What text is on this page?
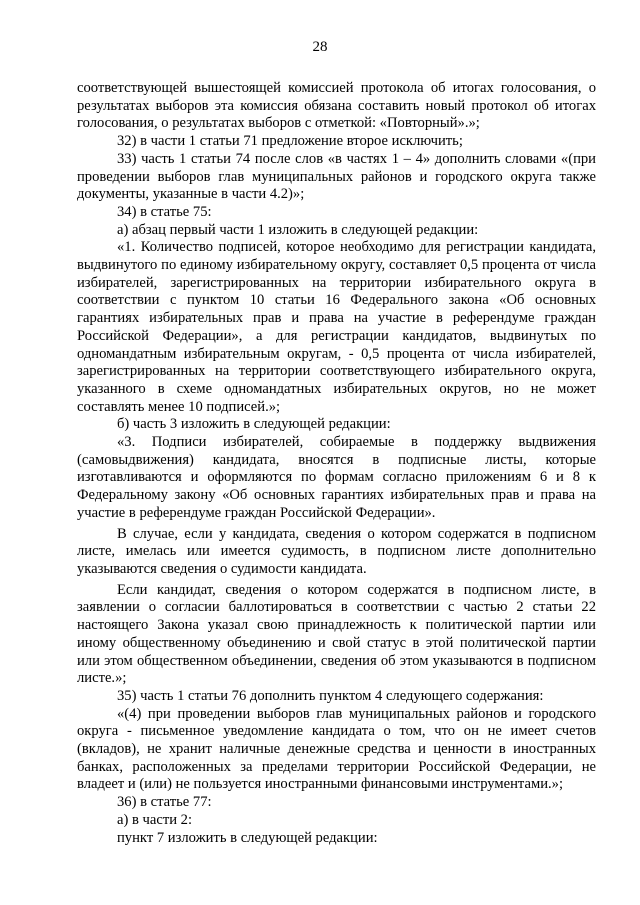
28

соответствующей вышестоящей комиссией протокола об итогах голосования, о результатах выборов эта комиссия обязана составить новый протокол об итогах голосования, о результатах выборов с отметкой: «Повторный».»;

32) в части 1 статьи 71 предложение второе исключить;

33) часть 1 статьи 74 после слов «в частях 1 – 4» дополнить словами «(при проведении выборов глав муниципальных районов и городского округа также документы, указанные в части 4.2)»;

34) в статье 75:

а) абзац первый части 1 изложить в следующей редакции:

«1. Количество подписей, которое необходимо для регистрации кандидата, выдвинутого по единому избирательному округу, составляет 0,5 процента от числа избирателей, зарегистрированных на территории избирательного округа в соответствии с пунктом 10 статьи 16 Федерального закона «Об основных гарантиях избирательных прав и права на участие в референдуме граждан Российской Федерации», а для регистрации кандидатов, выдвинутых по одномандатным избирательным округам, - 0,5 процента от числа избирателей, зарегистрированных на территории соответствующего избирательного округа, указанного в схеме одномандатных избирательных округов, но не может составлять менее 10 подписей.»;

б) часть 3 изложить в следующей редакции:

«3. Подписи избирателей, собираемые в поддержку выдвижения (самовыдвижения) кандидата, вносятся в подписные листы, которые изготавливаются и оформляются по формам согласно приложениям 6 и 8 к Федеральному закону «Об основных гарантиях избирательных прав и права на участие в референдуме граждан Российской Федерации».

В случае, если у кандидата, сведения о котором содержатся в подписном листе, имелась или имеется судимость, в подписном листе дополнительно указываются сведения о судимости кандидата.

Если кандидат, сведения о котором содержатся в подписном листе, в заявлении о согласии баллотироваться в соответствии с частью 2 статьи 22 настоящего Закона указал свою принадлежность к политической партии или иному общественному объединению и свой статус в этой политической партии или этом общественном объединении, сведения об этом указываются в подписном листе.»;

35) часть 1 статьи 76 дополнить пунктом 4 следующего содержания:

«(4) при проведении выборов глав муниципальных районов и городского округа - письменное уведомление кандидата о том, что он не имеет счетов (вкладов), не хранит наличные денежные средства и ценности в иностранных банках, расположенных за пределами территории Российской Федерации, не владеет и (или) не пользуется иностранными финансовыми инструментами.»;

36) в статье 77:

а) в части 2:

пункт 7 изложить в следующей редакции:
